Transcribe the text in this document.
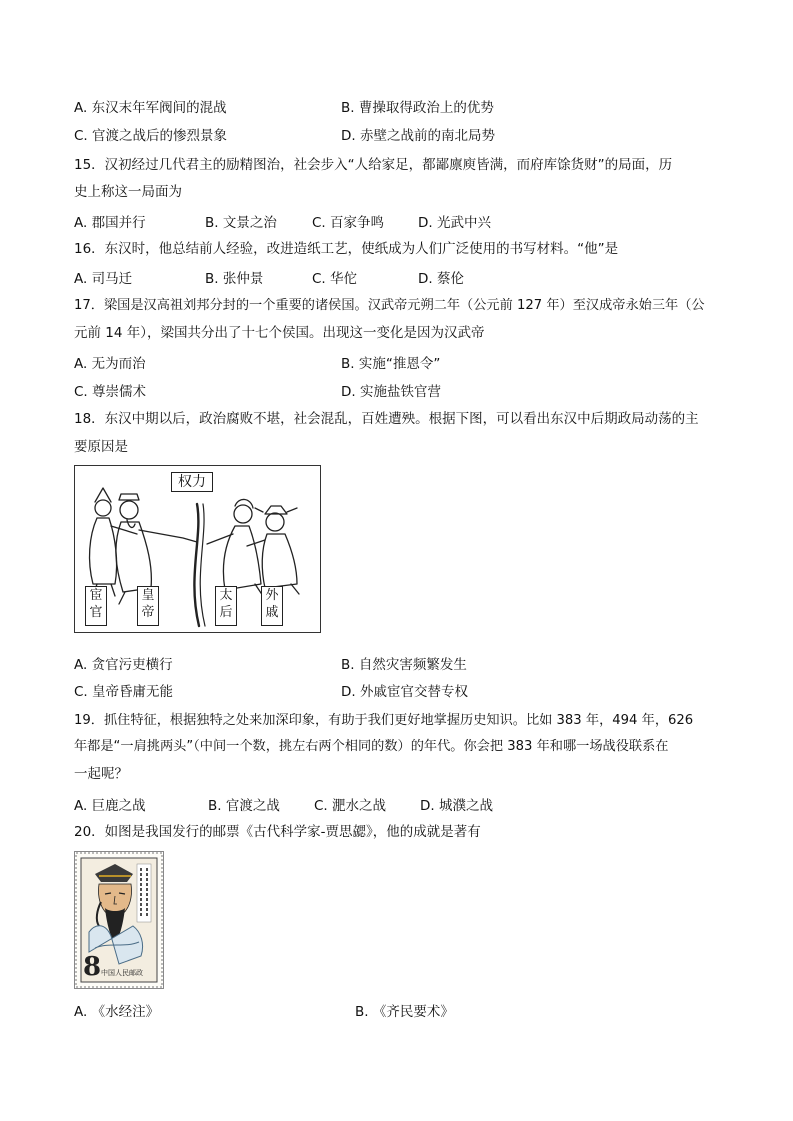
A. 东汉末年军阀间的混战	B. 曹操取得政治上的优势
C. 官渡之战后的惨烈景象	D. 赤壁之战前的南北局势
15．汉初经过几代君主的励精图治，社会步入“人给家足，都鄙廪庾皆满，而府库馀货财”的局面，历
史上称这一局面为
A. 郡国并行	B. 文景之治	C. 百家争鸣	D. 光武中兴
16．东汉时，他总结前人经验，改进造纸工艺，使纸成为人们广泛使用的书写材料。“他”是
A. 司马迁	B. 张仲景	C. 华佗	D. 蔡伦
17．梁国是汉高祖刘邦分封的一个重要的诸侯国。汉武帝元朔二年（公元前 127 年）至汉成帝永始三年（公
元前 14 年），梁国共分出了十七个侯国。出现这一变化是因为汉武帝
A. 无为而治	B. 实施“推恩令”
C. 尊崇儒术	D. 实施盐铁官营
18．东汉中期以后，政治腐败不堪，社会混乱，百姓遭殃。根据下图，可以看出东汉中后期政局动荡的主
要原因是
权力
宦官
皇帝
太后
外戚
A. 贪官污吏横行	B. 自然灾害频繁发生
C. 皇帝昏庸无能	D. 外戚宦官交替专权
19．抓住特征，根据独特之处来加深印象，有助于我们更好地掌握历史知识。比如 383 年，494 年，626
年都是“一肩挑两头”（中间一个数，挑左右两个相同的数）的年代。你会把 383 年和哪一场战役联系在
一起呢？
A. 巨鹿之战	B. 官渡之战	C. 淝水之战	D. 城濮之战
20．如图是我国发行的邮票《古代科学家-贾思勰》，他的成就是著有
8 中国人民邮政
A. 《水经注》	B. 《齐民要术》
